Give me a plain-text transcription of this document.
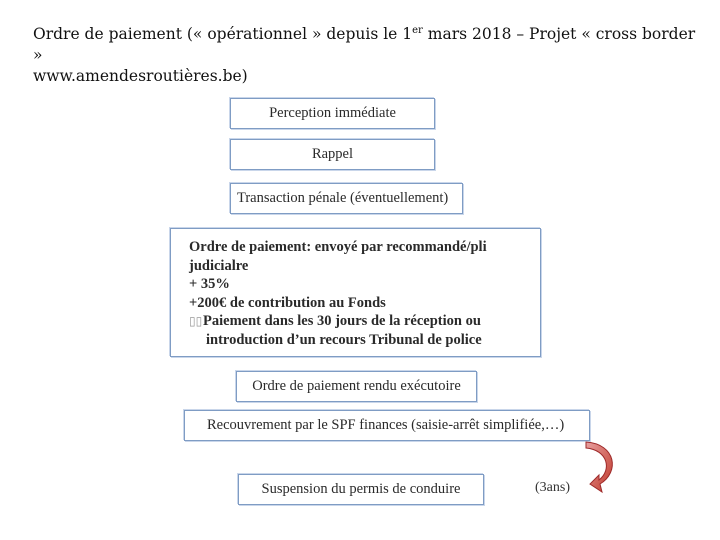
Ordre de paiement (« opérationnel » depuis le 1er mars 2018 – Projet « cross border »
www.amendesroutières.be)
Perception immédiate
Rappel
Transaction pénale (éventuellement)
Ordre de paiement: envoyé par recommandé/pli
judicialre
+ 35%
+200€ de contribution au Fonds
▯▯Paiement dans les 30 jours de la réception ou
introduction d’un recours Tribunal de police
Ordre de paiement rendu exécutoire
Recouvrement par le SPF finances (saisie-arrêt simplifiée,…)
Suspension du permis de conduire	(3ans)
